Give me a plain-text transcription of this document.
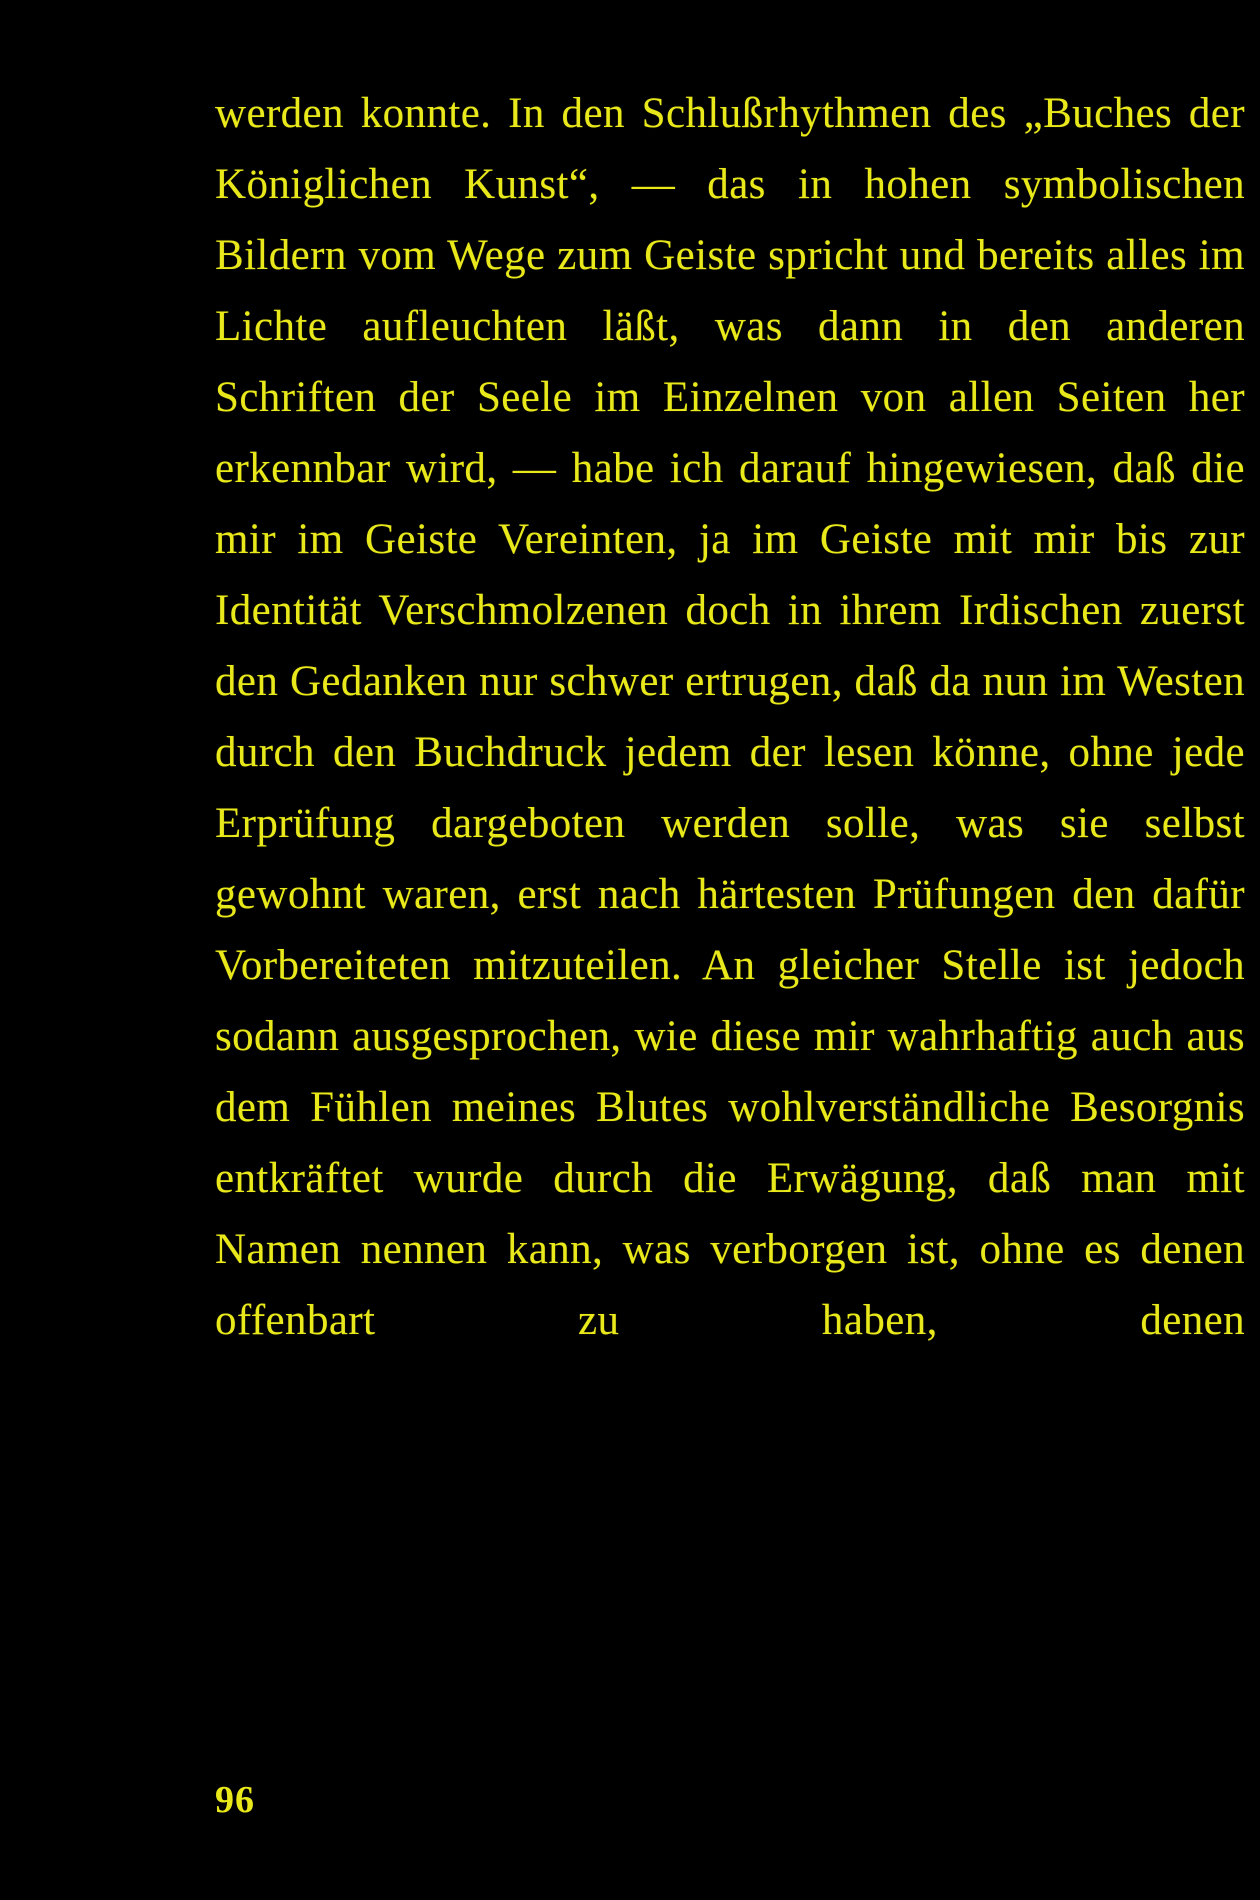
werden konnte. In den Schlußrhythmen des „Buches der Königlichen Kunst“, — das in hohen symbolischen Bildern vom Wege zum Geiste spricht und bereits alles im Lichte aufleuchten läßt, was dann in den anderen Schriften der Seele im Einzelnen von allen Seiten her erkennbar wird, — habe ich darauf hingewiesen, daß die mir im Geiste Vereinten, ja im Geiste mit mir bis zur Identität Verschmolzenen doch in ihrem Irdischen zuerst den Gedanken nur schwer ertrugen, daß da nun im Westen durch den Buchdruck jedem der lesen könne, ohne jede Erprüfung dargeboten werden solle, was sie selbst gewohnt waren, erst nach härtesten Prüfungen den dafür Vorbereiteten mitzuteilen. An gleicher Stelle ist jedoch sodann ausgesprochen, wie diese mir wahrhaftig auch aus dem Fühlen meines Blutes wohlverständliche Besorgnis entkräftet wurde durch die Erwägung, daß man mit Namen nennen kann, was verborgen ist, ohne es denen offenbart zu haben, denen

96
